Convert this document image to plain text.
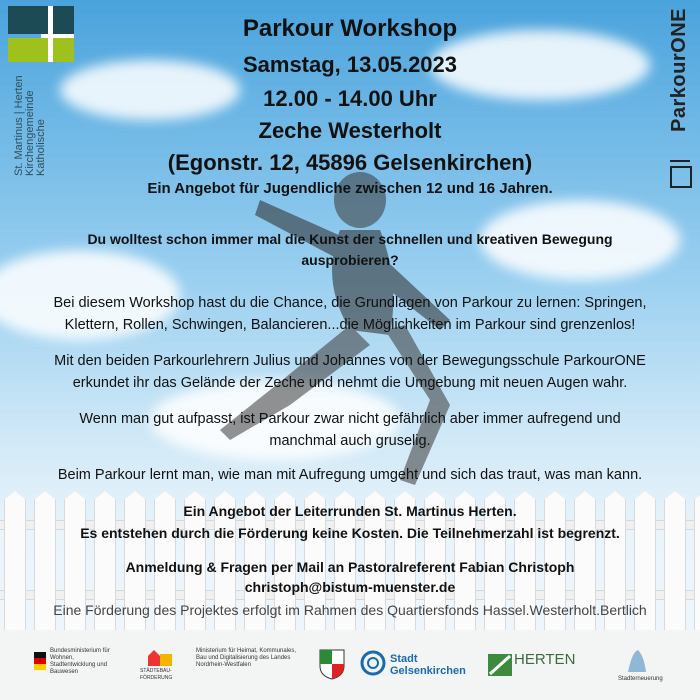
St. Martinus | Herten Kirchengemeinde Katholische
ParkourONE
Parkour Workshop
Samstag, 13.05.2023
12.00 - 14.00 Uhr
Zeche Westerholt
(Egonstr. 12, 45896 Gelsenkirchen)
Ein Angebot für Jugendliche zwischen 12 und 16 Jahren.
Du wolltest schon immer mal die Kunst der schnellen und kreativen Bewegung
ausprobieren?
Bei diesem Workshop hast du die Chance, die Grundlagen von Parkour zu lernen: Springen,
Klettern, Rollen, Schwingen, Balancieren...die Möglichkeiten im Parkour sind grenzenlos!
Mit den beiden Parkourlehrern Julius und Johannes von der Bewegungsschule ParkourONE
erkundet ihr das Gelände der Zeche und nehmt die Umgebung mit neuen Augen wahr.
Wenn man gut aufpasst, ist Parkour zwar nicht gefährlich aber immer aufregend und
manchmal auch gruselig.
Beim Parkour lernt man, wie man mit Aufregung umgeht und sich das traut, was man kann.
Ein Angebot der Leiterrunden St. Martinus Herten.
Es entstehen durch die Förderung keine Kosten. Die Teilnehmerzahl ist begrenzt.
Anmeldung & Fragen per Mail an Pastoralreferent Fabian Christoph
christoph@bistum-muenster.de
Eine Förderung des Projektes erfolgt im Rahmen des Quartiersfonds Hassel.Westerholt.Bertlich
Bundesministerium für Wohnen, Stadtentwicklung und Bauwesen	STÄDTEBAU-FÖRDERUNG
Ministerium für Heimat, Kommunales, Bau und Digitalisierung des Landes Nordrhein-Westfalen	Stadt
Gelsenkirchen
HERTEN
Stadterneuerung
